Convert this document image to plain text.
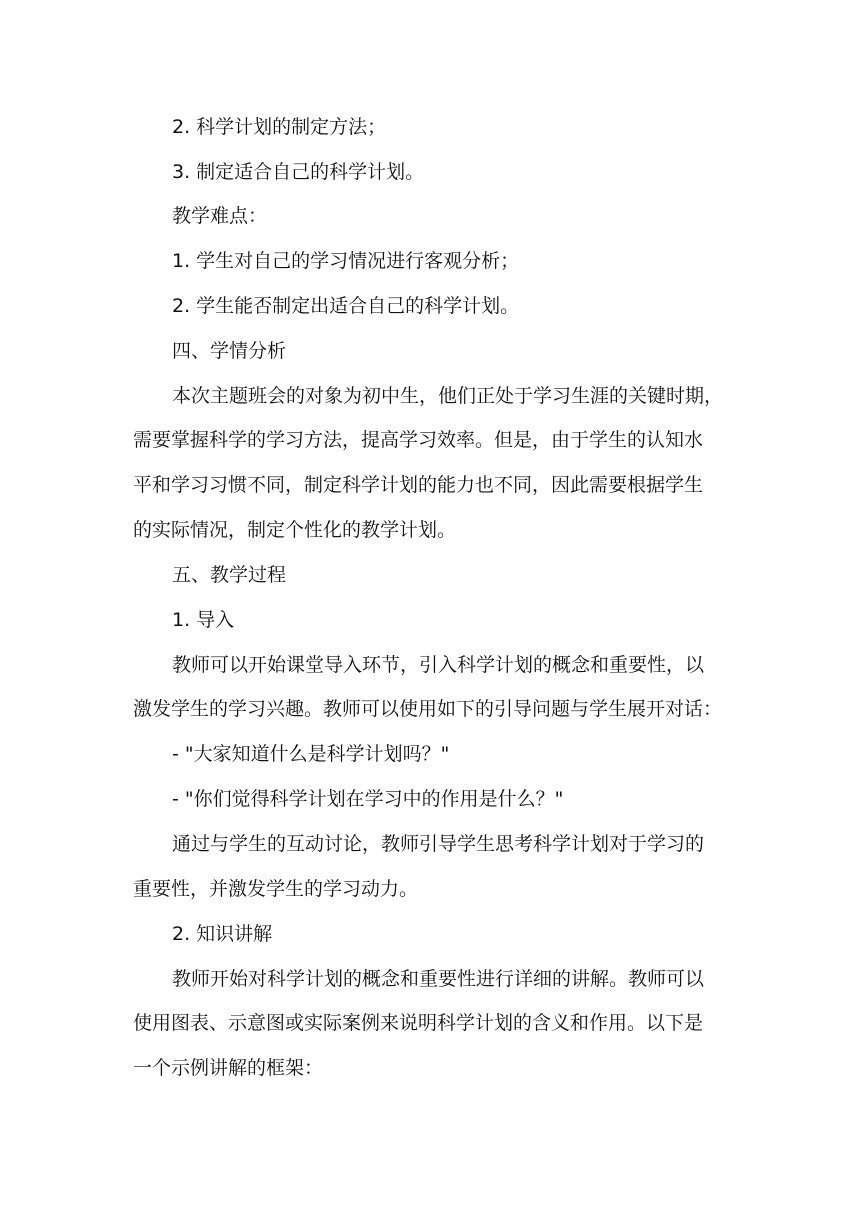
2. 科学计划的制定方法；
3. 制定适合自己的科学计划。
教学难点：
1. 学生对自己的学习情况进行客观分析；
2. 学生能否制定出适合自己的科学计划。
四、学情分析
本次主题班会的对象为初中生，他们正处于学习生涯的关键时期，
需要掌握科学的学习方法，提高学习效率。但是，由于学生的认知水
平和学习习惯不同，制定科学计划的能力也不同，因此需要根据学生
的实际情况，制定个性化的教学计划。
五、教学过程
1. 导入
教师可以开始课堂导入环节，引入科学计划的概念和重要性，以
激发学生的学习兴趣。教师可以使用如下的引导问题与学生展开对话：
- "大家知道什么是科学计划吗？"
- "你们觉得科学计划在学习中的作用是什么？"
通过与学生的互动讨论，教师引导学生思考科学计划对于学习的
重要性，并激发学生的学习动力。
2. 知识讲解
教师开始对科学计划的概念和重要性进行详细的讲解。教师可以
使用图表、示意图或实际案例来说明科学计划的含义和作用。以下是
一个示例讲解的框架：
